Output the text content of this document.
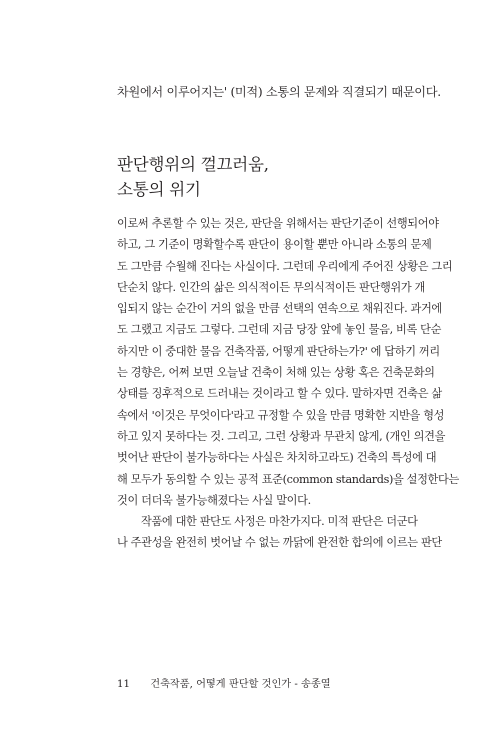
차원에서 이루어지는' (미적) 소통의 문제와 직결되기 때문이다.
판단행위의 껄끄러움,
소통의 위기
이로써 추론할 수 있는 것은, 판단을 위해서는 판단기준이 선행되어야
하고, 그 기준이 명확할수록 판단이 용이할 뿐만 아니라 소통의 문제
도 그만큼 수월해 진다는 사실이다. 그런데 우리에게 주어진 상황은 그리
단순치 않다. 인간의 삶은 의식적이든 무의식적이든 판단행위가 개
입되지 않는 순간이 거의 없을 만큼 선택의 연속으로 채워진다. 과거에
도 그랬고 지금도 그렇다. 그런데 지금 당장 앞에 놓인 물음, 비록 단순
하지만 이 중대한 물음 건축작품, 어떻게 판단하는가?' 에 답하기 꺼리
는 경향은, 어쩌 보면 오늘날 건축이 처해 있는 상황 혹은 건축문화의
상태를 징후적으로 드러내는 것이라고 할 수 있다. 말하자면 건축은 삶
속에서 '이것은 무엇이다'라고 규정할 수 있을 만큼 명확한 지반을 형성
하고 있지 못하다는 것. 그리고, 그런 상황과 무관치 않게, (개인 의견을
벗어난 판단이 불가능하다는 사실은 차치하고라도) 건축의 특성에 대
해 모두가 동의할 수 있는 공적 표준(common standards)을 설정한다는
것이 더더욱 불가능해졌다는 사실 말이다.
작품에 대한 판단도 사정은 마찬가지다. 미적 판단은 더군다
나 주관성을 완전히 벗어날 수 없는 까닭에 완전한 합의에 이르는 판단
11 건축작품, 어떻게 판단할 것인가 - 송종열
